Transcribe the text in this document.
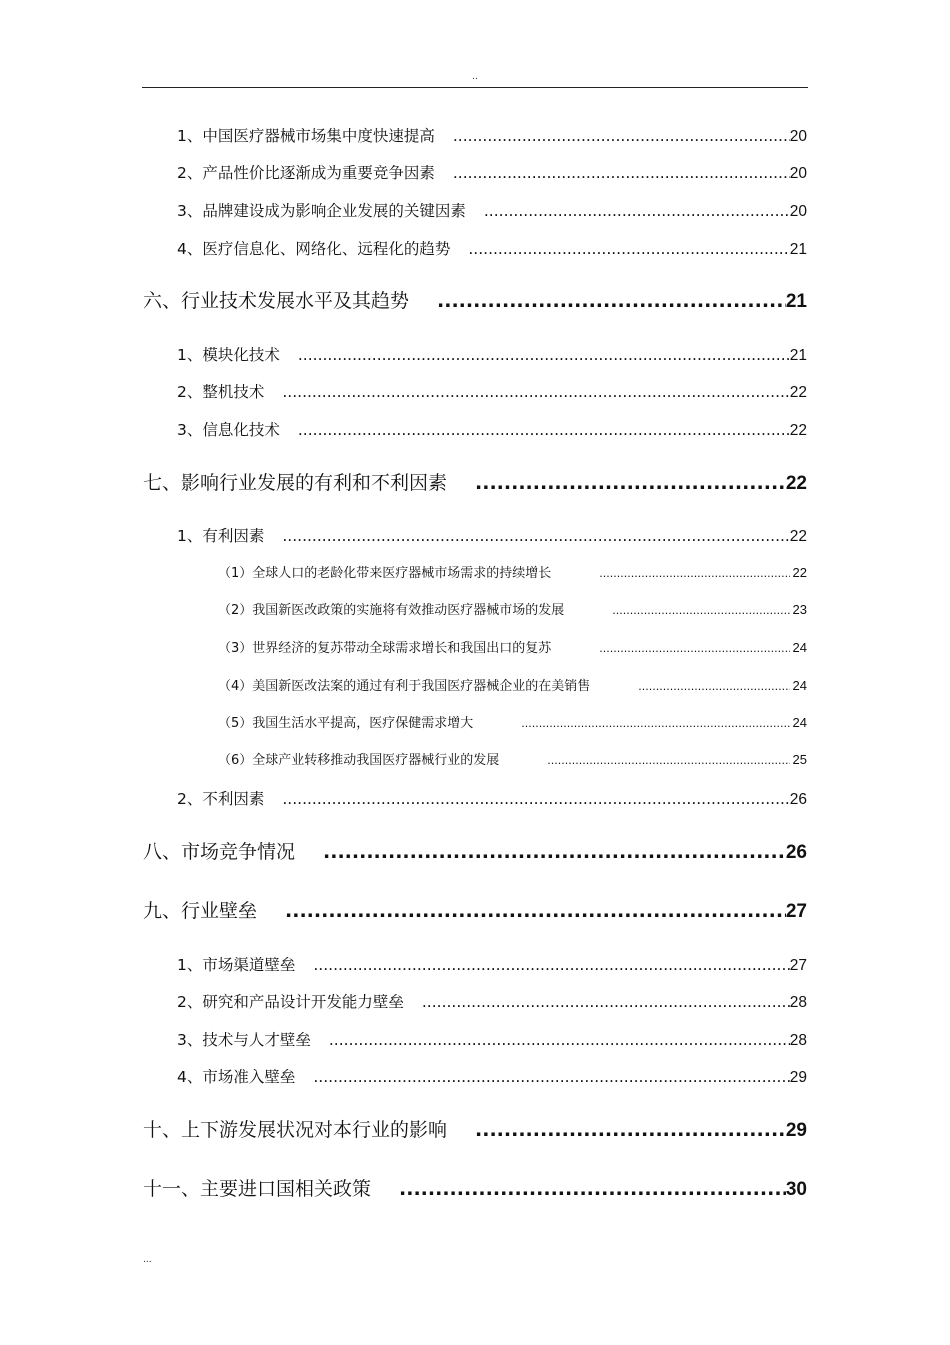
..
1、中国医疗器械市场集中度快速提高 .....	20
2、产品性价比逐渐成为重要竞争因素 .....	20
3、品牌建设成为影响企业发展的关键因素 .....	20
4、医疗信息化、网络化、远程化的趋势 .....	21
六、行业技术发展水平及其趋势 .....	21
1、模块化技术 .....	21
2、整机技术 .....	22
3、信息化技术 .....	22
七、影响行业发展的有利和不利因素 .....	22
1、有利因素 .....	22
（1）全球人口的老龄化带来医疗器械市场需求的持续增长 .....	22
（2）我国新医改政策的实施将有效推动医疗器械市场的发展 .....	23
（3）世界经济的复苏带动全球需求增长和我国出口的复苏 .....	24
（4）美国新医改法案的通过有利于我国医疗器械企业的在美销售 .....	24
（5）我国生活水平提高，医疗保健需求增大 .....	24
（6）全球产业转移推动我国医疗器械行业的发展 .....	25
2、不利因素 .....	26
八、市场竞争情况 .....	26
九、行业壁垒 .....	27
1、市场渠道壁垒 .....	27
2、研究和产品设计开发能力壁垒 .....	28
3、技术与人才壁垒 .....	28
4、市场准入壁垒 .....	29
十、上下游发展状况对本行业的影响 .....	29
十一、主要进口国相关政策 .....	30
...
